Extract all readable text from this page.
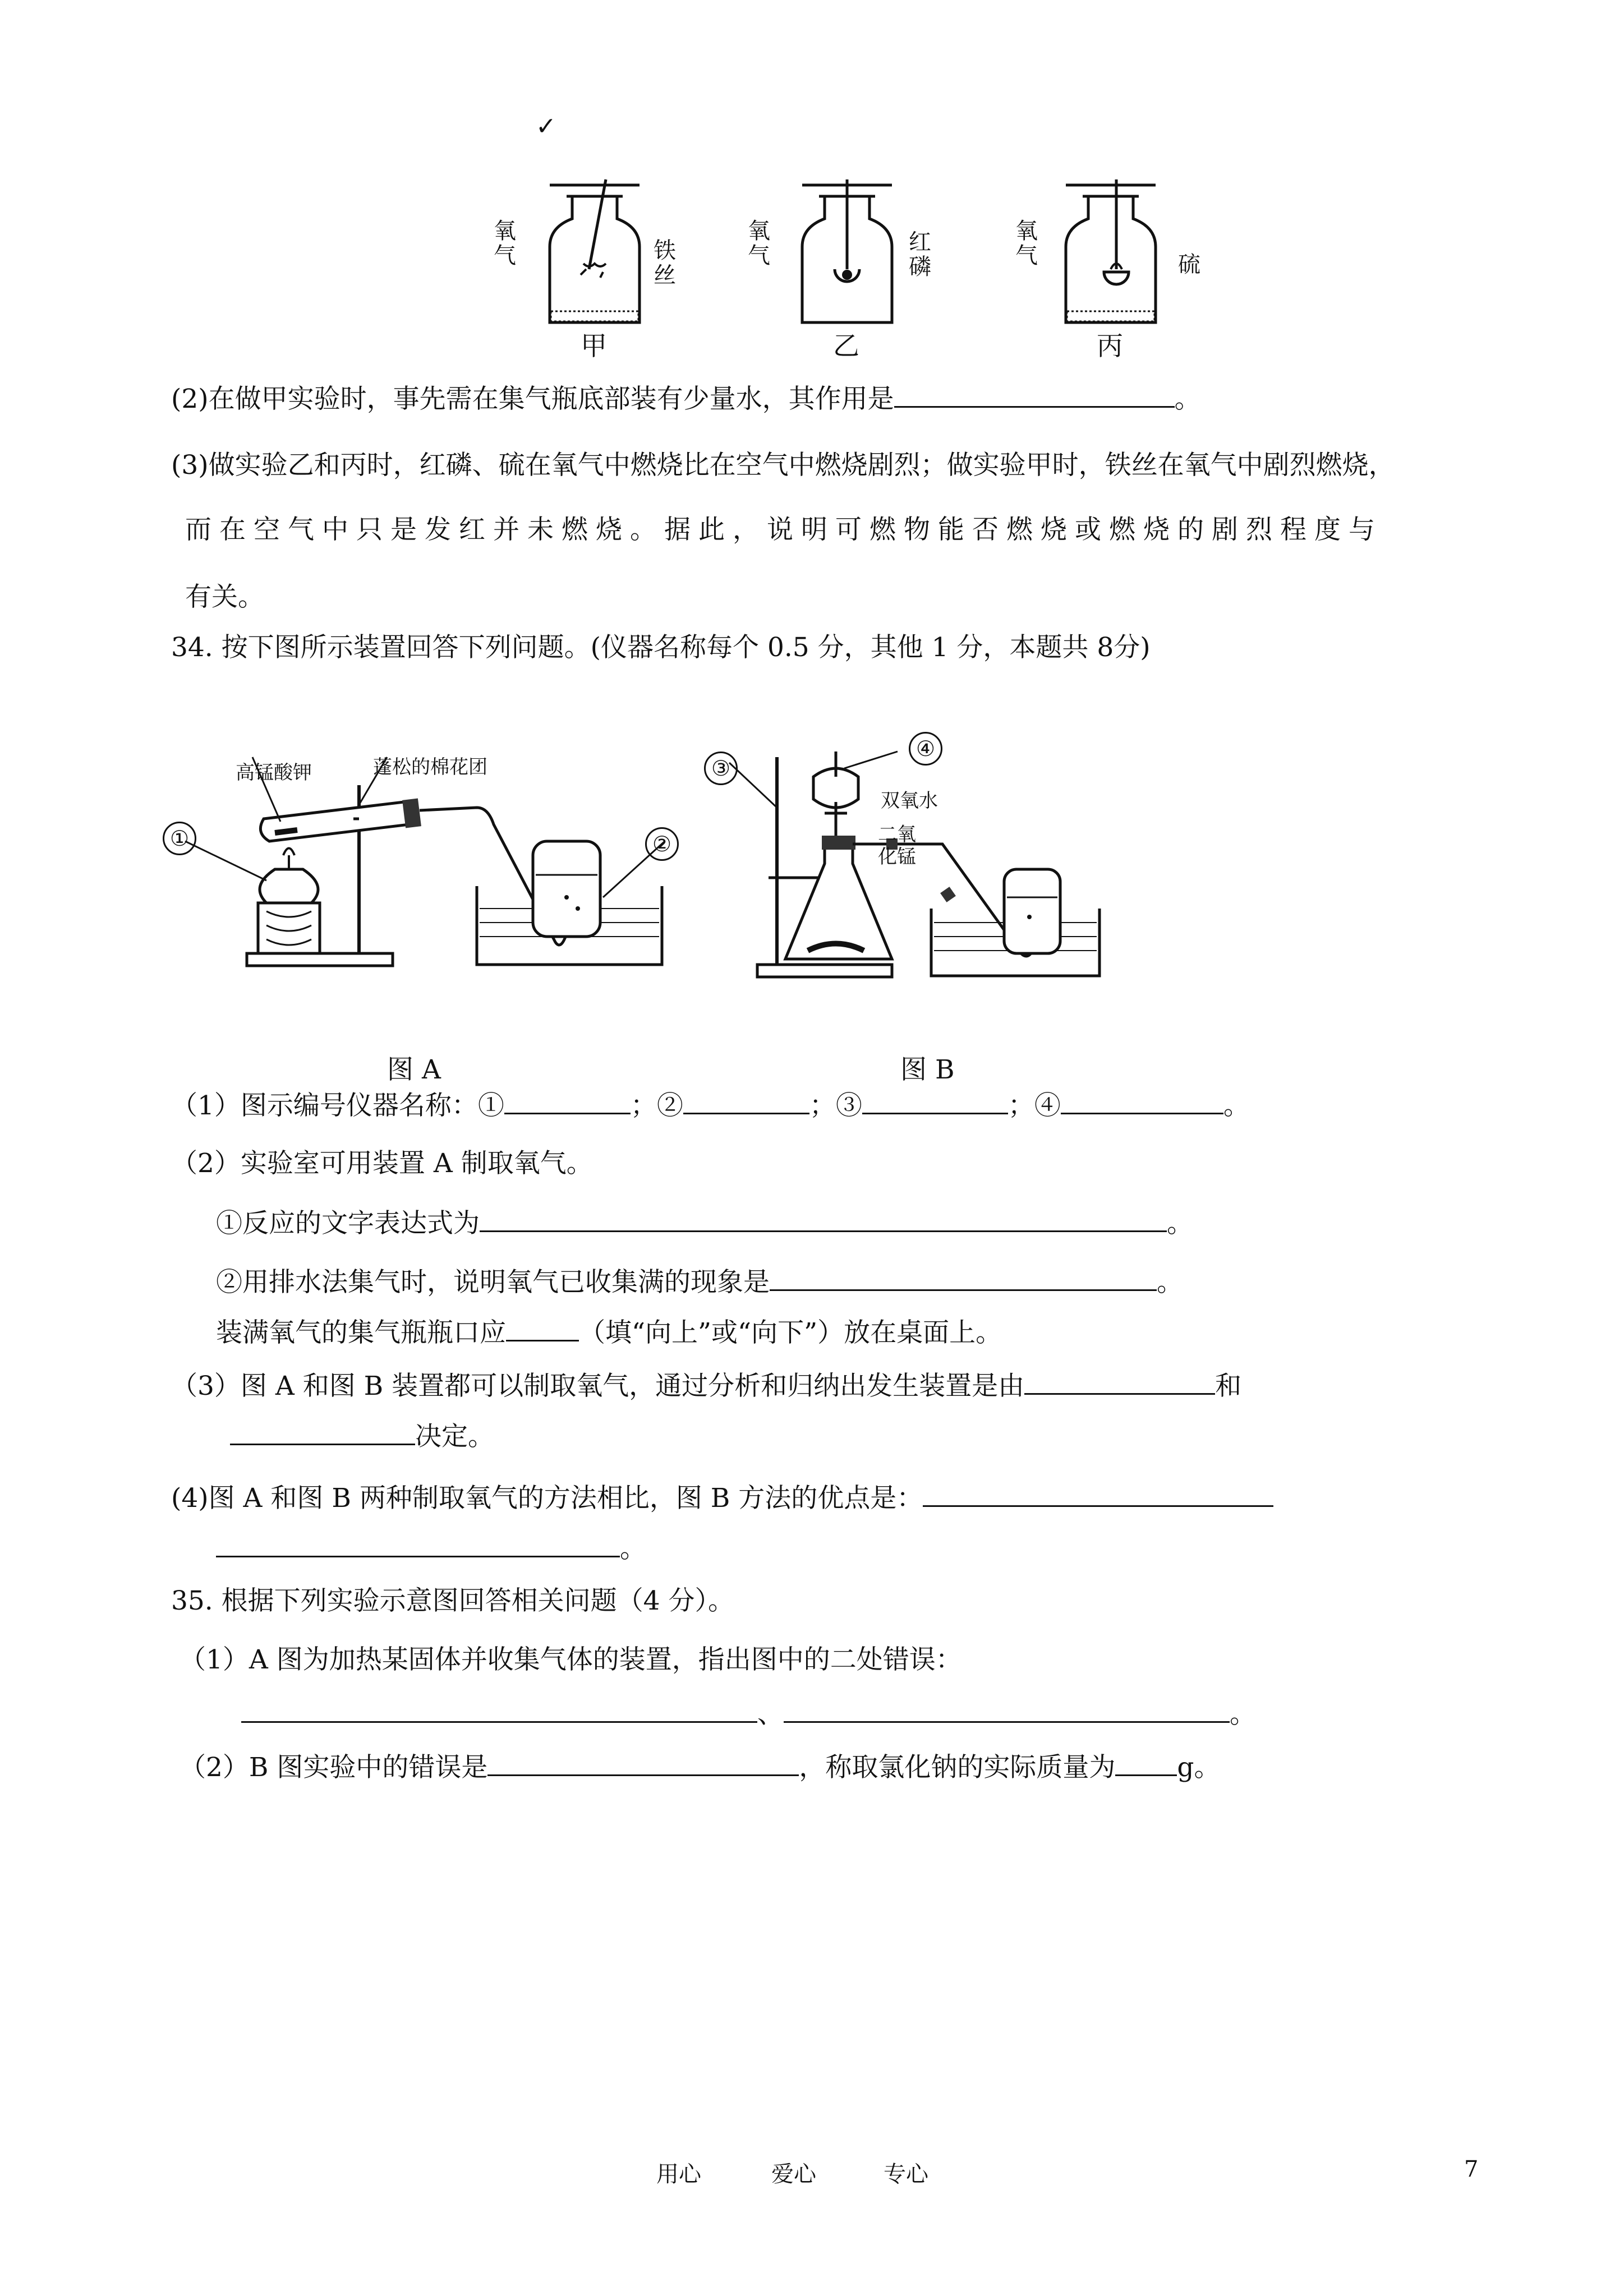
✓
氧气	铁丝
甲
氧气
红磷
乙
氧气	硫
丙
(2)在做甲实验时，事先需在集气瓶底部装有少量水，其作用是	。
(3)做实验乙和丙时，红磷、硫在氧气中燃烧比在空气中燃烧剧烈；做实验甲时，铁丝在氧气中剧烈燃烧，
而在空气中只是发红并未燃烧。据此，说明可燃物能否燃烧或燃烧的剧烈程度与
有关。
34. 按下图所示装置回答下列问题。(仪器名称每个 0.5 分，其他 1 分，本题共 8分)
高锰酸钾	蓬松的棉花团
①	②
图 A
③
④
双氧水
二氧
化锰
图 B
（1）图示编号仪器名称：①	；②	；③	；④	。
（2）实验室可用装置 A 制取氧气。
①反应的文字表达式为	。
②用排水法集气时，说明氧气已收集满的现象是	。
装满氧气的集气瓶瓶口应	（填“向上”或“向下”）放在桌面上。
（3）图 A 和图 B 装置都可以制取氧气，通过分析和归纳出发生装置是由	和
决定。
(4)图 A 和图 B 两种制取氧气的方法相比，图 B 方法的优点是：
。
35. 根据下列实验示意图回答相关问题（4 分）。
（1）A 图为加热某固体并收集气体的装置，指出图中的二处错误：
、	。
（2）B 图实验中的错误是	，称取氯化钠的实际质量为 g。
用心	爱心	专心	7
